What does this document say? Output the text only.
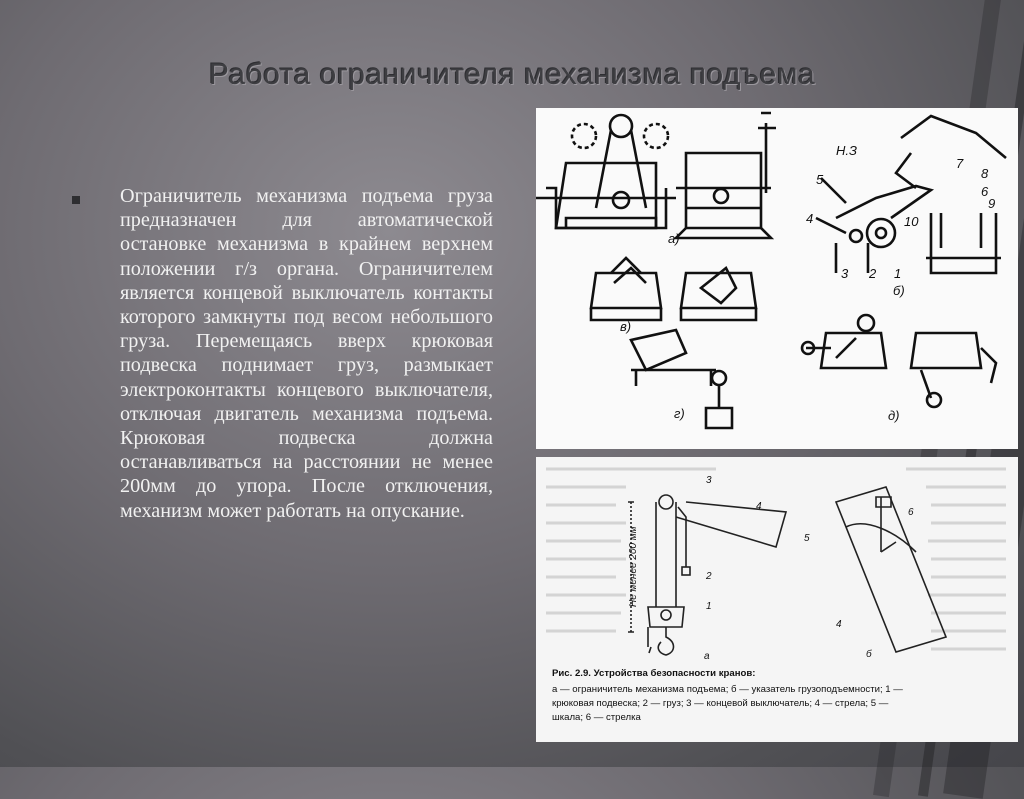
Работа ограничителя механизма подъема
Ограничитель механизма подъема груза предназначен для автоматической остановке механизма в крайнем верхнем положении г/з органа. Ограничителем является концевой выключатель контакты которого замкнуты под весом небольшого груза. Перемещаясь вверх крюковая подвеска поднимает груз, размыкает электроконтакты концевого выключателя, отключая двигатель механизма подъема. Крюковая подвеска должна останавливаться на расстоянии не менее 200мм до упора. После отключения, механизм может работать на опускание.
а)
в)
г)
б)
д)
Н.З
5
4
3 2 1
10
7
8
6
9
Не менее 200 мм
3
4
2
1
6
5
4
а	б
Рис. 2.9. Устройства безопасности кранов:
а — ограничитель механизма подъема; б — указатель грузоподъемности; 1 —
крюковая подвеска; 2 — груз; 3 — концевой выключатель; 4 — стрела; 5 —
шкала; 6 — стрелка
